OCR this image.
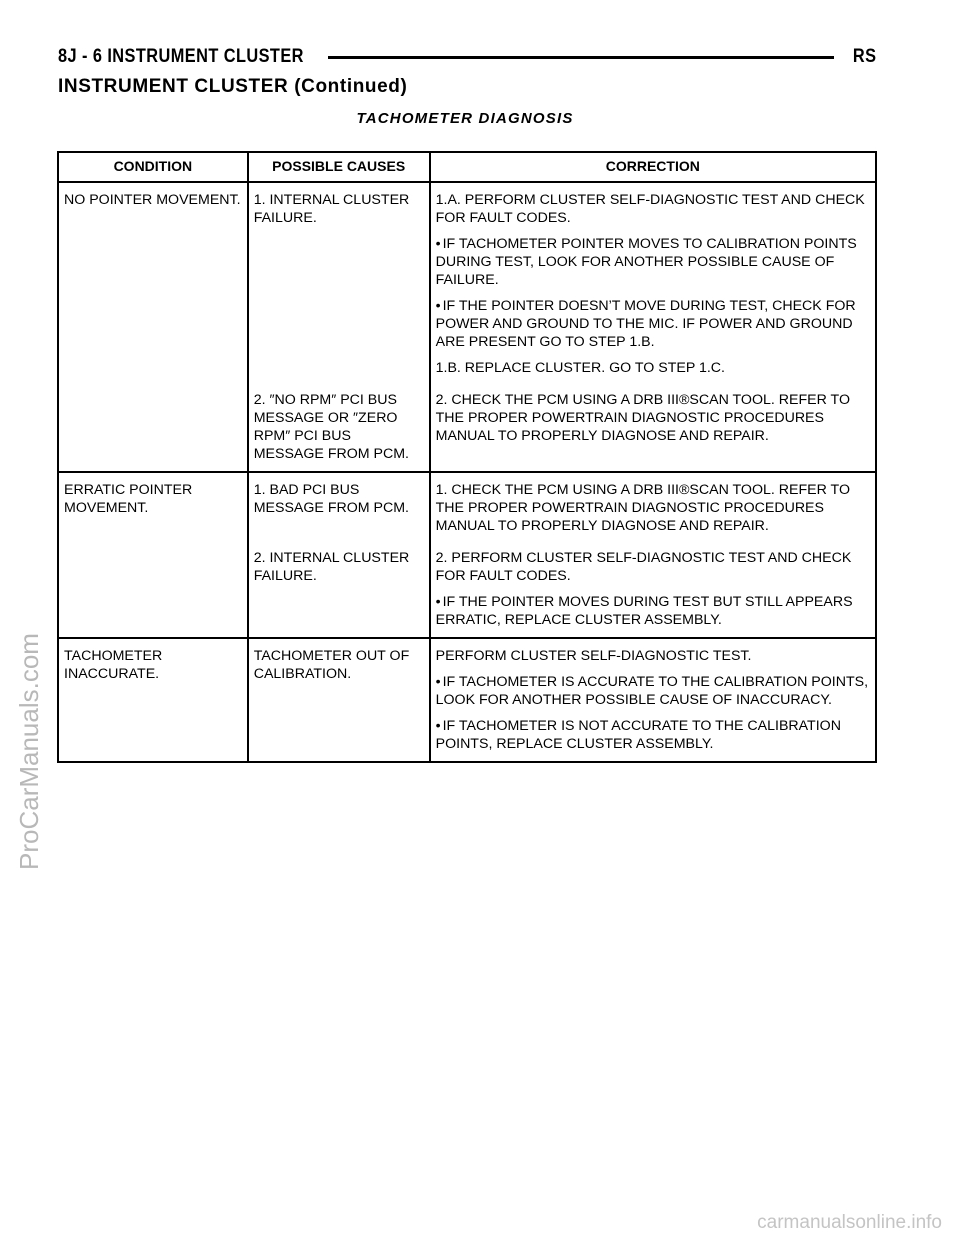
8J - 6 INSTRUMENT CLUSTER	RS
INSTRUMENT CLUSTER (Continued)
TACHOMETER DIAGNOSIS
CONDITION	POSSIBLE CAUSES	CORRECTION

NO POINTER MOVEMENT.	1. INTERNAL CLUSTER FAILURE.	1.A. PERFORM CLUSTER SELF-DIAGNOSTIC TEST AND CHECK FOR FAULT CODES.

• IF TACHOMETER POINTER MOVES TO CALIBRATION POINTS DURING TEST, LOOK FOR ANOTHER POSSIBLE CAUSE OF FAILURE.

• IF THE POINTER DOESN’T MOVE DURING TEST, CHECK FOR POWER AND GROUND TO THE MIC. IF POWER AND GROUND ARE PRESENT GO TO STEP 1.B.

1.B. REPLACE CLUSTER. GO TO STEP 1.C.

	2. ″NO RPM″ PCI BUS MESSAGE OR ″ZERO RPM″ PCI BUS MESSAGE FROM PCM.	2. CHECK THE PCM USING A DRB III®SCAN TOOL. REFER TO THE PROPER POWERTRAIN DIAGNOSTIC PROCEDURES MANUAL TO PROPERLY DIAGNOSE AND REPAIR.

ERRATIC POINTER MOVEMENT.	1. BAD PCI BUS MESSAGE FROM PCM.	1. CHECK THE PCM USING A DRB III®SCAN TOOL. REFER TO THE PROPER POWERTRAIN DIAGNOSTIC PROCEDURES MANUAL TO PROPERLY DIAGNOSE AND REPAIR.

	2. INTERNAL CLUSTER FAILURE.	2. PERFORM CLUSTER SELF-DIAGNOSTIC TEST AND CHECK FOR FAULT CODES.

• IF THE POINTER MOVES DURING TEST BUT STILL APPEARS ERRATIC, REPLACE CLUSTER ASSEMBLY.

TACHOMETER INACCURATE.	TACHOMETER OUT OF CALIBRATION.	PERFORM CLUSTER SELF-DIAGNOSTIC TEST.

• IF TACHOMETER IS ACCURATE TO THE CALIBRATION POINTS, LOOK FOR ANOTHER POSSIBLE CAUSE OF INACCURACY.

• IF TACHOMETER IS NOT ACCURATE TO THE CALIBRATION POINTS, REPLACE CLUSTER ASSEMBLY.

ProCarManuals.com
carmanualsonline.info
